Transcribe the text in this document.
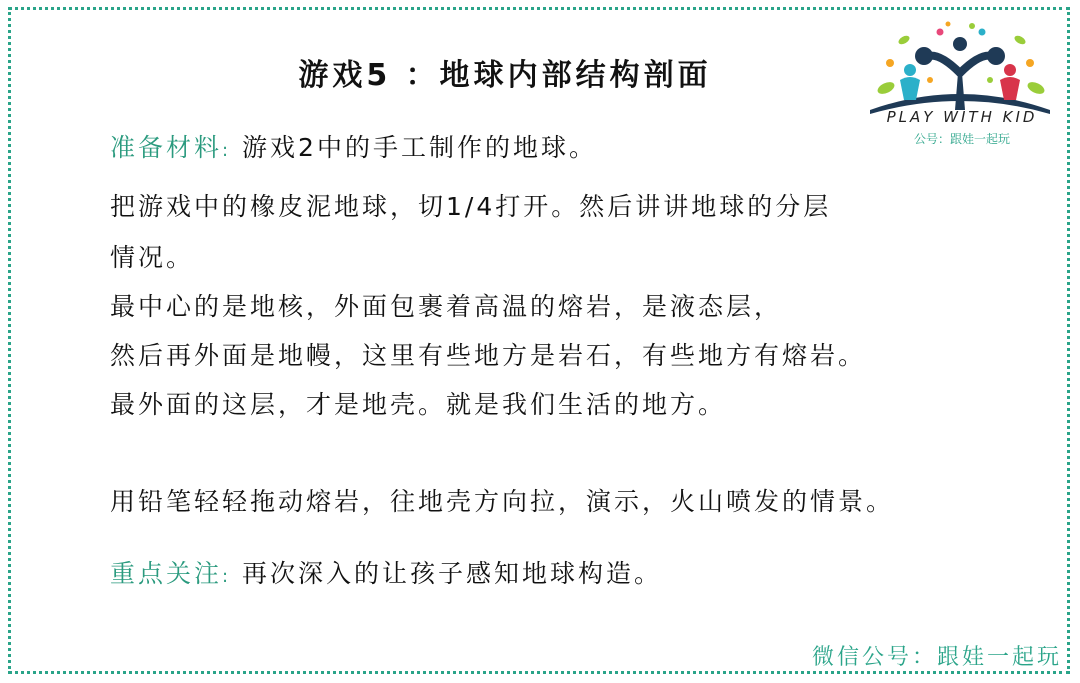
游戏5 ：地球内部结构剖面
PLAY WITH KID
公号：跟娃一起玩
准备材料: 游戏2中的手工制作的地球。
把游戏中的橡皮泥地球，切1/4打开。然后讲讲地球的分层
情况。
最中心的是地核，外面包裹着高温的熔岩，是液态层，
然后再外面是地幔，这里有些地方是岩石，有些地方有熔岩。
最外面的这层，才是地壳。就是我们生活的地方。
用铅笔轻轻拖动熔岩，往地壳方向拉，演示，火山喷发的情景。
重点关注: 再次深入的让孩子感知地球构造。
微信公号：跟娃一起玩
